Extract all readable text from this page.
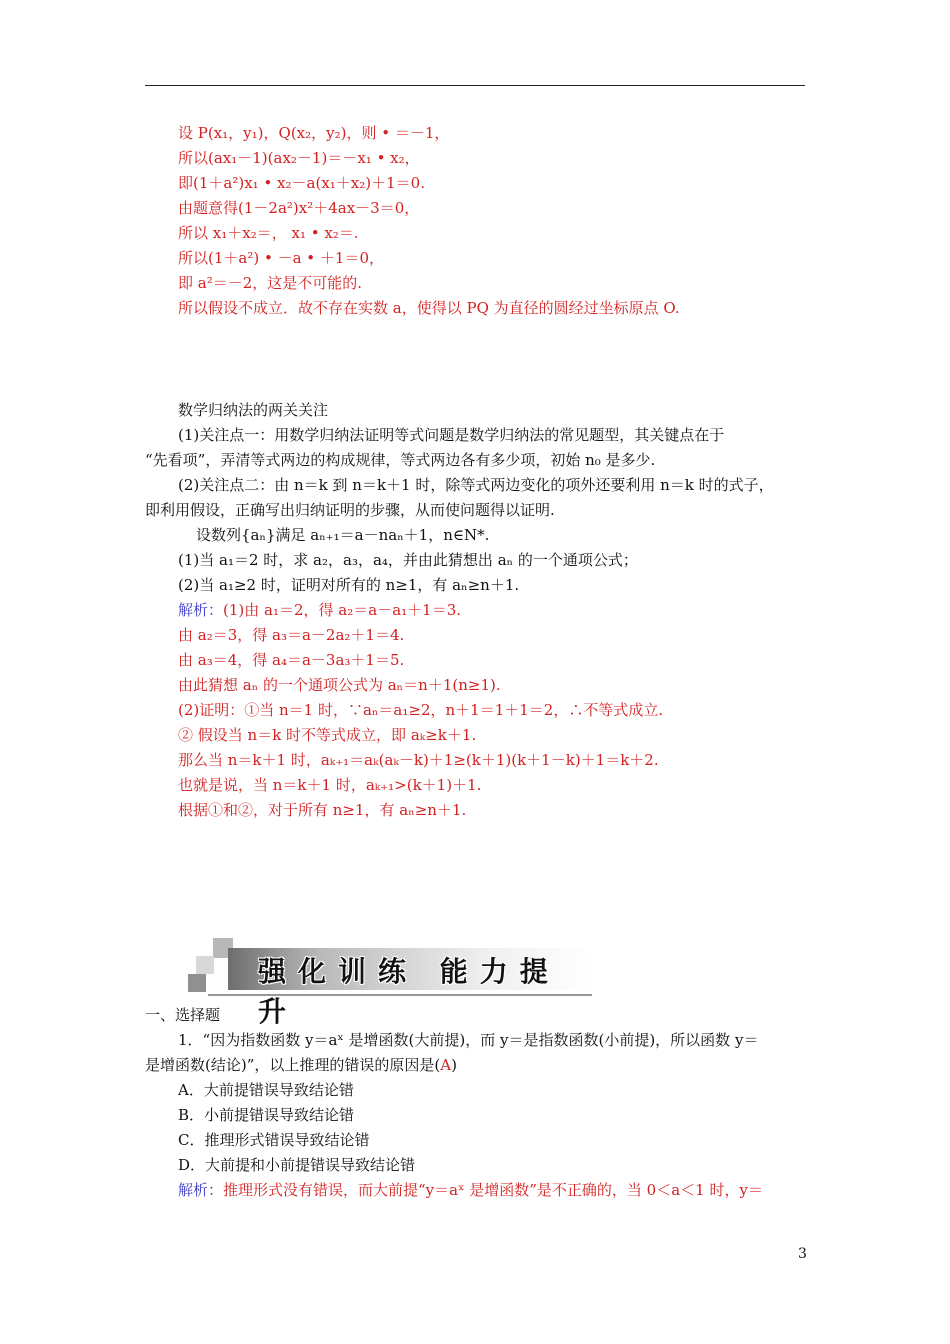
设 P(x₁，y₁)，Q(x₂，y₂)，则 • ＝－1，
所以(ax₁－1)(ax₂－1)＝－x₁ • x₂，
即(1＋a²)x₁ • x₂－a(x₁＋x₂)＋1＝0.
由题意得(1－2a²)x²＋4ax－3＝0，
所以 x₁＋x₂＝， x₁ • x₂＝.
所以(1＋a²) • －a • ＋1＝0，
即 a²＝－2，这是不可能的.
所以假设不成立．故不存在实数 a，使得以 PQ 为直径的圆经过坐标原点 O.
数学归纳法的两关关注
(1)关注点一：用数学归纳法证明等式问题是数学归纳法的常见题型，其关键点在于
“先看项”，弄清等式两边的构成规律，等式两边各有多少项，初始 n₀ 是多少.
(2)关注点二：由 n＝k 到 n＝k＋1 时，除等式两边变化的项外还要利用 n＝k 时的式子，
即利用假设，正确写出归纳证明的步骤，从而使问题得以证明.
设数列{aₙ}满足 aₙ₊₁＝a－naₙ＋1，n∈N*.
(1)当 a₁＝2 时，求 a₂，a₃，a₄，并由此猜想出 aₙ 的一个通项公式；
(2)当 a₁≥2 时，证明对所有的 n≥1，有 aₙ≥n＋1.
解析：(1)由 a₁＝2，得 a₂＝a－a₁＋1＝3.
由 a₂＝3，得 a₃＝a－2a₂＋1＝4.
由 a₃＝4，得 a₄＝a－3a₃＋1＝5.
由此猜想 aₙ 的一个通项公式为 aₙ＝n＋1(n≥1).
(2)证明：①当 n＝1 时，∵aₙ＝a₁≥2，n＋1＝1＋1＝2，∴不等式成立.
② 假设当 n＝k 时不等式成立，即 aₖ≥k＋1.
那么当 n＝k＋1 时，aₖ₊₁＝aₖ(aₖ－k)＋1≥(k＋1)(k＋1－k)＋1＝k＋2.
也就是说，当 n＝k＋1 时，aₖ₊₁>(k＋1)＋1.
根据①和②，对于所有 n≥1，有 aₙ≥n＋1.
强化训练 能力提升
一、选择题
1．“因为指数函数 y＝aˣ 是增函数(大前提)，而 y＝是指数函数(小前提)，所以函数 y＝
是增函数(结论)”，以上推理的错误的原因是(A)
A．大前提错误导致结论错
B．小前提错误导致结论错
C．推理形式错误导致结论错
D．大前提和小前提错误导致结论错
解析：推理形式没有错误，而大前提“y＝aˣ 是增函数”是不正确的，当 0＜a＜1 时，y＝
3
